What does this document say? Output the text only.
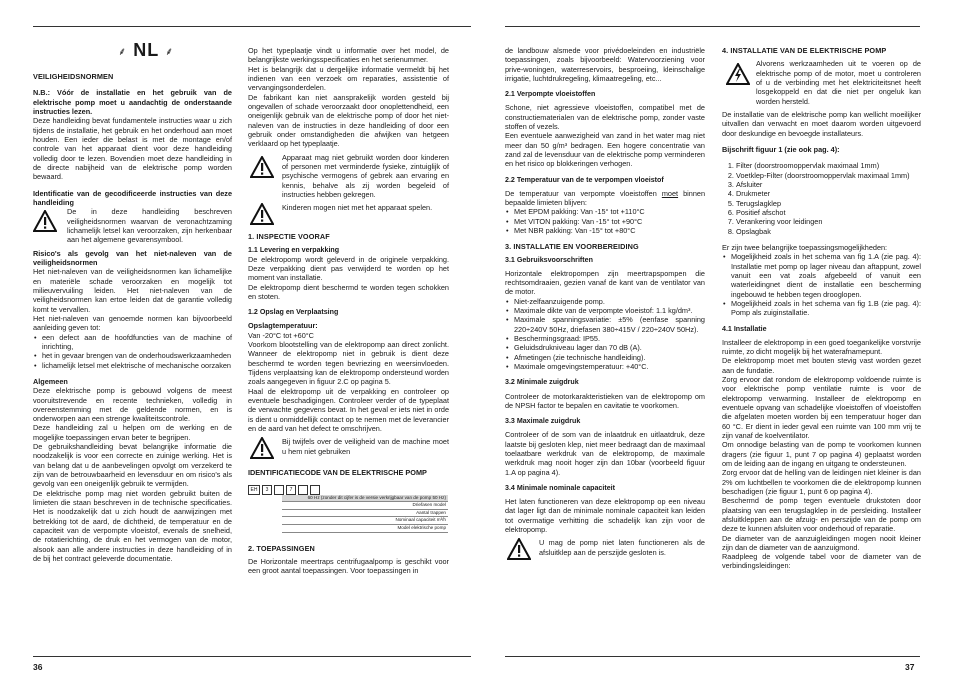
⸙ NL ⸙
36	37

VEILIGHEIDSNORMEN

N.B.: Vóór de installatie en het gebruik van de elektrische pomp moet u aandachtig de onderstaande instructies lezen.

Deze handleiding bevat fundamentele instructies waar u zich tijdens de installatie, het gebruik en het onderhoud aan moet houden. Een ieder die belast is met de montage en/of controle van het apparaat dient voor deze handleiding volledig door te lezen. Bovendien moet deze handleiding in de directe nabijheid van de elektrische pomp worden bewaard.

Identificatie van de gecodificeerde instructies van deze handleiding

De in deze handleiding beschreven veiligheidsnormen waarvan de veronachtzaming lichamelijk letsel kan veroorzaken, zijn herkenbaar aan het algemene gevarensymbool.

Risico's als gevolg van het niet-naleven van de veiligheidsnormen

Het niet-naleven van de veiligheidsnormen kan lichamelijke en materiële schade veroorzaken en mogelijk tot milieuvervuiling leiden. Het niet-naleven van de veiligheidsnormen kan ertoe leiden dat de garantie volledig komt te vervallen.

Het niet-naleven van genoemde normen kan bijvoorbeeld aanleiding geven tot:

• een defect aan de hoofdfuncties van de machine of inrichting,
• het in gevaar brengen van de onderhoudswerkzaamheden
• lichamelijk letsel met elektrische of mechanische oorzaken

Algemeen

Deze elektrische pomp is gebouwd volgens de meest vooruitstrevende en recente technieken, volledig in overeenstemming met de geldende normen, en is onderworpen aan een strenge kwaliteitscontrole.

Deze handleiding zal u helpen om de werking en de mogelijke toepassingen ervan beter te begrijpen.

De gebruikshandleiding bevat belangrijke informatie die noodzakelijk is voor een correcte en zuinige werking. Het is van belang dat u de aanbevelingen opvolgt om verzekerd te zijn van de betrouwbaarheid en levensduur en om risico's als gevolg van een oneigenlijk gebruik te vermijden.

De elektrische pomp mag niet worden gebruikt buiten de limieten die staan beschreven in de technische specificaties. Het is noodzakelijk dat u zich houdt de aanwijzingen met betrekking tot de aard, de dichtheid, de temperatuur en de capaciteit van de verpompte vloeistof, evenals de snelheid, de rotatierichting, de druk en het vermogen van de motor, alsook aan alle andere instructies in deze handleiding of in de bij het contract geleverde documentatie.

Op het typeplaatje vindt u informatie over het model, de belangrijkste werkingsspecificaties en het serienummer.

Het is belangrijk dat u dergelijke informatie vermeldt bij het indienen van een verzoek om reparaties, assistentie of vervangingsonderdelen.

De fabrikant kan niet aansprakelijk worden gesteld bij ongevallen of schade veroorzaakt door onoplettendheid, een oneigenlijk gebruik van de elektrische pomp of door het niet-naleven van de instructies in deze handleiding of door een gebruik onder omstandigheden die afwijken van hetgeen verklaard op het typeplaatje.

Apparaat mag niet gebruikt worden door kinderen of personen met verminderde fysieke, zintuiglijk of psychische vermogens of gebrek aan ervaring en kennis, behalve als zij worden begeleid of instructies hebben gekregen.

Kinderen mogen niet met het apparaat spelen.

1. INSPECTIE VOORAF

1.1 Levering en verpakking

De elektropomp wordt geleverd in de originele verpakking. Deze verpakking dient pas verwijderd te worden op het moment van installatie.

De elektropomp dient beschermd te worden tegen schokken en stoten.

1.2 Opslag en Verplaatsing

Opslagtemperatuur:

Van -20°C tot +60°C

Voorkom blootstelling van de elektropomp aan direct zonlicht. Wanneer de elektropomp niet in gebruik is dient deze beschermd te worden tegen bevriezing en weersinvloeden. Tijdens verplaatsing kan de elektropomp ondersteund worden zoals aangegeven in figuur 2.C op pagina 5.

Haal de elektropomp uit de verpakking en controleer op eventuele beschadigingen. Controleer verder of de typeplaat de verwachte gegevens bevat. In het geval er iets niet in orde is dient u onmiddellijk contact op te nemen met de leverancier en de aard van het defect te omschrijven.

Bij twijfels over de veiligheid van de machine moet u hem niet gebruiken

IDENTIFICATIECODE VAN DE ELEKTRISCHE POMP

EH	3	7
60 Hz (zonder dit cijfer is de versie verkrijgbaar van de pomp 50 Hz)
Driefasen model
Aantal trappen
Nominaal capaciteit m³/h
Model elektrische pomp

2. TOEPASSINGEN

De Horizontale meertraps centrifugaalpomp is geschikt voor een groot aantal toepassingen. Voor toepassingen in

de landbouw alsmede voor privédoeleinden en industriële toepassingen, zoals bijvoorbeeld: Watervoorziening voor prive-woningen, waterreservoirs, besproeiing, kleinschalige irrigatie, luchtdrukregeling, klimaatregeling, etc...

2.1 Verpompte vloeistoffen

Schone, niet agressieve vloeistoffen, compatibel met de constructiematerialen van de elektrische pomp, zonder vaste stoffen of vezels.

Een eventuele aanwezigheid van zand in het water mag niet meer dan 50 g/m³ bedragen. Een hogere concentratie van zand zal de levensduur van de elektrische pomp verminderen en het risico op blokkeringen verhogen.

2.2 Temperatuur van de te verpompen vloeistof

De temperatuur van verpompte vloeistoffen moet binnen bepaalde limieten blijven:

• Met EPDM pakking: Van -15° tot +110°C
• Met VITON pakking: Van -15° tot +90°C
• Met NBR pakking: Van -15° tot +80°C

3. INSTALLATIE EN VOORBEREIDING

3.1 Gebruiksvoorschriften

Horizontale elektropompen zijn meertrapspompen die rechtsomdraaien, gezien vanaf de kant van de ventilator van de motor.

• Niet-zelfaanzuigende pomp.
• Maximale dikte van de verpompte vloeistof: 1.1 kg/dm³.
• Maximale spanningsvariatie: ±5% (eenfase spanning 220÷240V 50Hz, driefasen 380÷415V / 220÷240V 50Hz).
• Beschermingsgraad: IP55.
• Geluidsdrukniveau lager dan 70 dB (A).
• Afmetingen (zie technische handleiding).
• Maximale omgevingstemperatuur: +40°C.

3.2 Minimale zuigdruk

Controleer de motorkarakteristieken van de elektropomp om de NPSH factor te bepalen en cavitatie te voorkomen.

3.3 Maximale zuigdruk

Controleer of de som van de inlaatdruk en uitlaatdruk, deze laatste bij gesloten klep, niet meer bedraagt dan de maximaal toelaatbare werkdruk van de elektropomp, de maximale werkdruk mag nooit hoger zijn dan 10bar (voorbeeld figuur 1.A op pagina 4).

3.4 Minimale nominale capaciteit

Het laten functioneren van deze elektropomp op een niveau dat lager ligt dan de minimale nominale capaciteit kan leiden tot overmatige verhitting die schadelijk kan zijn voor de elektropomp.

U mag de pomp niet laten functioneren als de afsluitklep aan de perszijde gesloten is.

4. INSTALLATIE VAN DE ELEKTRISCHE POMP

Alvorens werkzaamheden uit te voeren op de elektrische pomp of de motor, moet u controleren of u de verbinding met het elektriciteitsnet heeft losgekoppeld en dat die niet per ongeluk kan worden hersteld.

De installatie van de elektrische pomp kan wellicht moeilijker uitvallen dan verwacht en moet daarom worden uitgevoerd door deskundige en bevoegde installateurs.

Bijschrift figuur 1 (zie ook pag. 4):

1. Filter (doorstroomoppervlak maximaal 1mm)
2. Voetklep-Filter (doorstroomoppervlak maximaal 1mm)
3. Afsluiter
4. Drukmeter
5. Terugslagklep
6. Positief afschot
7. Verankering voor leidingen
8. Opslagbak

Er zijn twee belangrijke toepassingsmogelijkheden:

• Mogelijkheid zoals in het schema van fig 1.A (zie pag. 4): Installatie met pomp op lager niveau dan aftappunt, zowel vanuit een vat zoals afgebeeld of vanuit een waterleidingnet dient de installatie een bescherming ingebouwd te hebben tegen drooglopen.
• Mogelijkheid zoals in het schema van fig 1.B (zie pag. 4): Pomp als zuiginstallatie.

4.1 Installatie

Installeer de elektropomp in een goed toegankelijke vorstvrije ruimte, zo dicht mogelijk bij het waterafnamepunt.

De elektropomp moet met bouten stevig vast worden gezet aan de fundatie.

Zorg ervoor dat rondom de elektropomp voldoende ruimte is voor elektrische pomp ventilatie ruimte is voor de elektropomp verwarming. Installeer de elektropomp en eventuele opvang van schadelijke vloeistoffen of vloeistoffen die afgelaten moeten worden bij een temperatuur hoger dan 60 °C. Er dient in ieder geval een ruimte van 100 mm vrij te zijn vanaf de koelventilator.

Om onnodige belasting van de pomp te voorkomen kunnen dragers (zie figuur 1, punt 7 op pagina 4) geplaatst worden om de leiding aan de ingang en uitgang te ondersteunen.

Zorg ervoor dat de helling van de leidingen niet kleiner is dan 2% om luchtbellen te voorkomen die de elektropomp kunnen beschadigen (zie figuur 1, punt 6 op pagina 4).

Beschermd de pomp tegen eventuele drukstoten door plaatsing van een terugslagklep in de persleiding. Installeer afsluitkleppen aan de afzuig- en perszijde van de pomp om deze te kunnen afsluiten voor onderhoud of reparatie.

De diameter van de aanzuigleidingen mogen nooit kleiner zijn dan de diameter van de aanzuigmond.

Raadpleeg de volgende tabel voor de diameter van de verbindingsleidingen:
